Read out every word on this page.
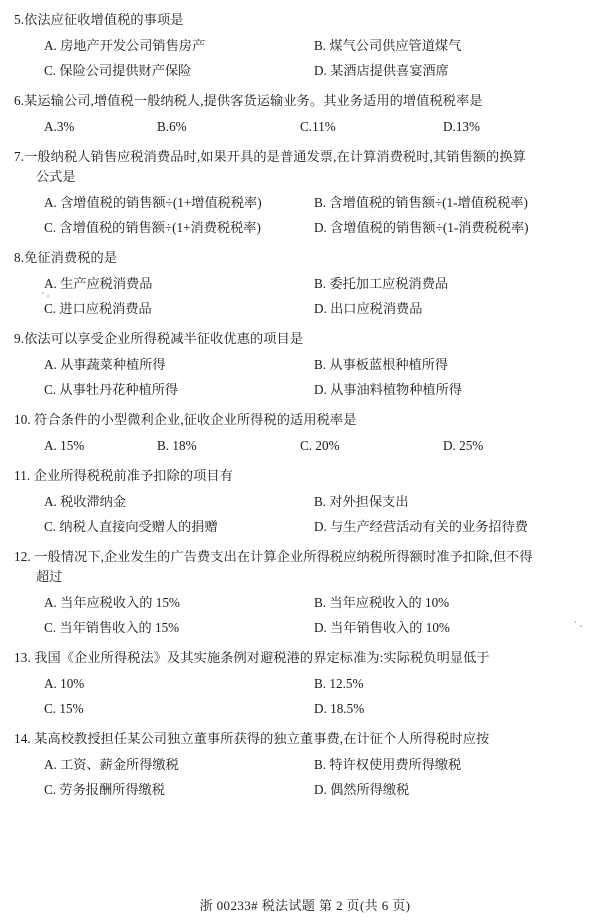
5.依法应征收增值税的事项是
A. 房地产开发公司销售房产	B. 煤气公司供应管道煤气
C. 保险公司提供财产保险	D. 某酒店提供喜宴酒席
6.某运输公司,增值税一般纳税人,提供客货运输业务。其业务适用的增值税税率是
A.3%	B.6%	C.11%	D.13%
7.一般纳税人销售应税消费品时,如果开具的是普通发票,在计算消费税时,其销售额的换算
公式是
A. 含增值税的销售额÷(1+增值税税率)	B. 含增值税的销售额÷(1-增值税税率)
C. 含增值税的销售额÷(1+消费税税率)	D. 含增值税的销售额÷(1-消费税税率)
8.免征消费税的是
A. 生产应税消费品	B. 委托加工应税消费品
C. 进口应税消费品	D. 出口应税消费品
9.依法可以享受企业所得税减半征收优惠的项目是
A. 从事蔬菜种植所得	B. 从事板蓝根种植所得
C. 从事牡丹花种植所得	D. 从事油料植物种植所得
10. 符合条件的小型微利企业,征收企业所得税的适用税率是
A. 15%	B. 18%	C. 20%	D. 25%
11. 企业所得税税前准予扣除的项目有
A. 税收滞纳金	B. 对外担保支出
C. 纳税人直接向受赠人的捐赠	D. 与生产经营活动有关的业务招待费
12. 一般情况下,企业发生的广告费支出在计算企业所得税应纳税所得额时准予扣除,但不得
超过
A. 当年应税收入的 15%	B. 当年应税收入的 10%
C. 当年销售收入的 15%	D. 当年销售收入的 10%
13. 我国《企业所得税法》及其实施条例对避税港的界定标准为:实际税负明显低于
A. 10%	B. 12.5%
C. 15%	D. 18.5%
14. 某高校教授担任某公司独立董事所获得的独立董事费,在计征个人所得税时应按
A. 工资、薪金所得缴税	B. 特许权使用费所得缴税
C. 劳务报酬所得缴税	D. 偶然所得缴税
浙 00233# 税法试题 第 2 页(共 6 页)
